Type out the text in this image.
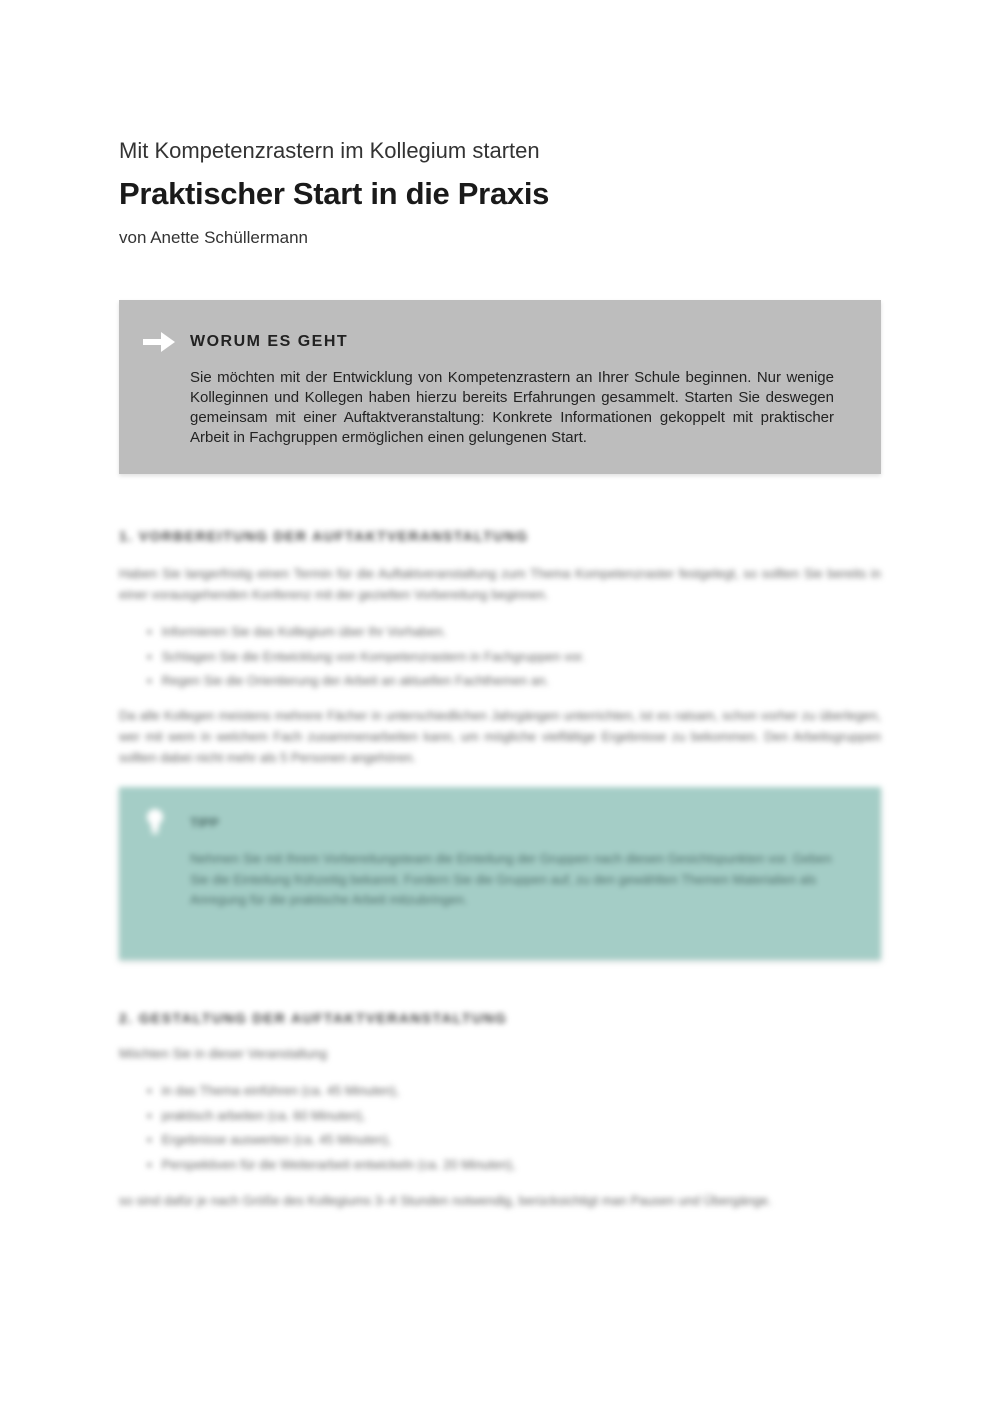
Mit Kompetenzrastern im Kollegium starten
Praktischer Start in die Praxis
von Anette Schüllermann
WORUM ES GEHT
Sie möchten mit der Entwicklung von Kompetenzrastern an Ihrer Schule beginnen. Nur wenige Kolleginnen und Kollegen haben hierzu bereits Erfahrungen gesammelt. Starten Sie deswegen gemeinsam mit einer Auftaktveranstaltung: Konkrete Informationen gekoppelt mit praktischer Arbeit in Fachgruppen ermöglichen einen gelungenen Start.
1. VORBEREITUNG DER AUFTAKTVERANSTALTUNG
Haben Sie langerfristig einen Termin für die Auftaktveranstaltung zum Thema Kompetenzraster festgelegt, so sollten Sie bereits in einer vorausgehenden Konferenz mit der gezielten Vorbereitung beginnen.
▪ Informieren Sie das Kollegium über Ihr Vorhaben.
▪ Schlagen Sie die Entwicklung von Kompetenzrastern in Fachgruppen vor.
▪ Regen Sie die Orientierung der Arbeit an aktuellen Fachthemen an.
Da alle Kollegen meistens mehrere Fächer in unterschiedlichen Jahrgängen unterrichten, ist es ratsam, schon vorher zu überlegen, wer mit wem in welchem Fach zusammenarbeiten kann, um mögliche vielfältige Ergebnisse zu bekommen. Den Arbeitsgruppen sollten dabei nicht mehr als 5 Personen angehören.
TIPP
Nehmen Sie mit Ihrem Vorbereitungsteam die Einteilung der Gruppen nach diesen Gesichtspunkten vor. Geben Sie die Einteilung frühzeitig bekannt. Fordern Sie die Gruppen auf, zu den gewählten Themen Materialien als Anregung für die praktische Arbeit mitzubringen.
2. GESTALTUNG DER AUFTAKTVERANSTALTUNG
Möchten Sie in dieser Veranstaltung
▪ in das Thema einführen (ca. 45 Minuten),
▪ praktisch arbeiten (ca. 60 Minuten),
▪ Ergebnisse auswerten (ca. 45 Minuten),
▪ Perspektiven für die Weiterarbeit entwickeln (ca. 20 Minuten),
so sind dafür je nach Größe des Kollegiums 3–4 Stunden notwendig, berücksichtigt man Pausen und Übergänge.
